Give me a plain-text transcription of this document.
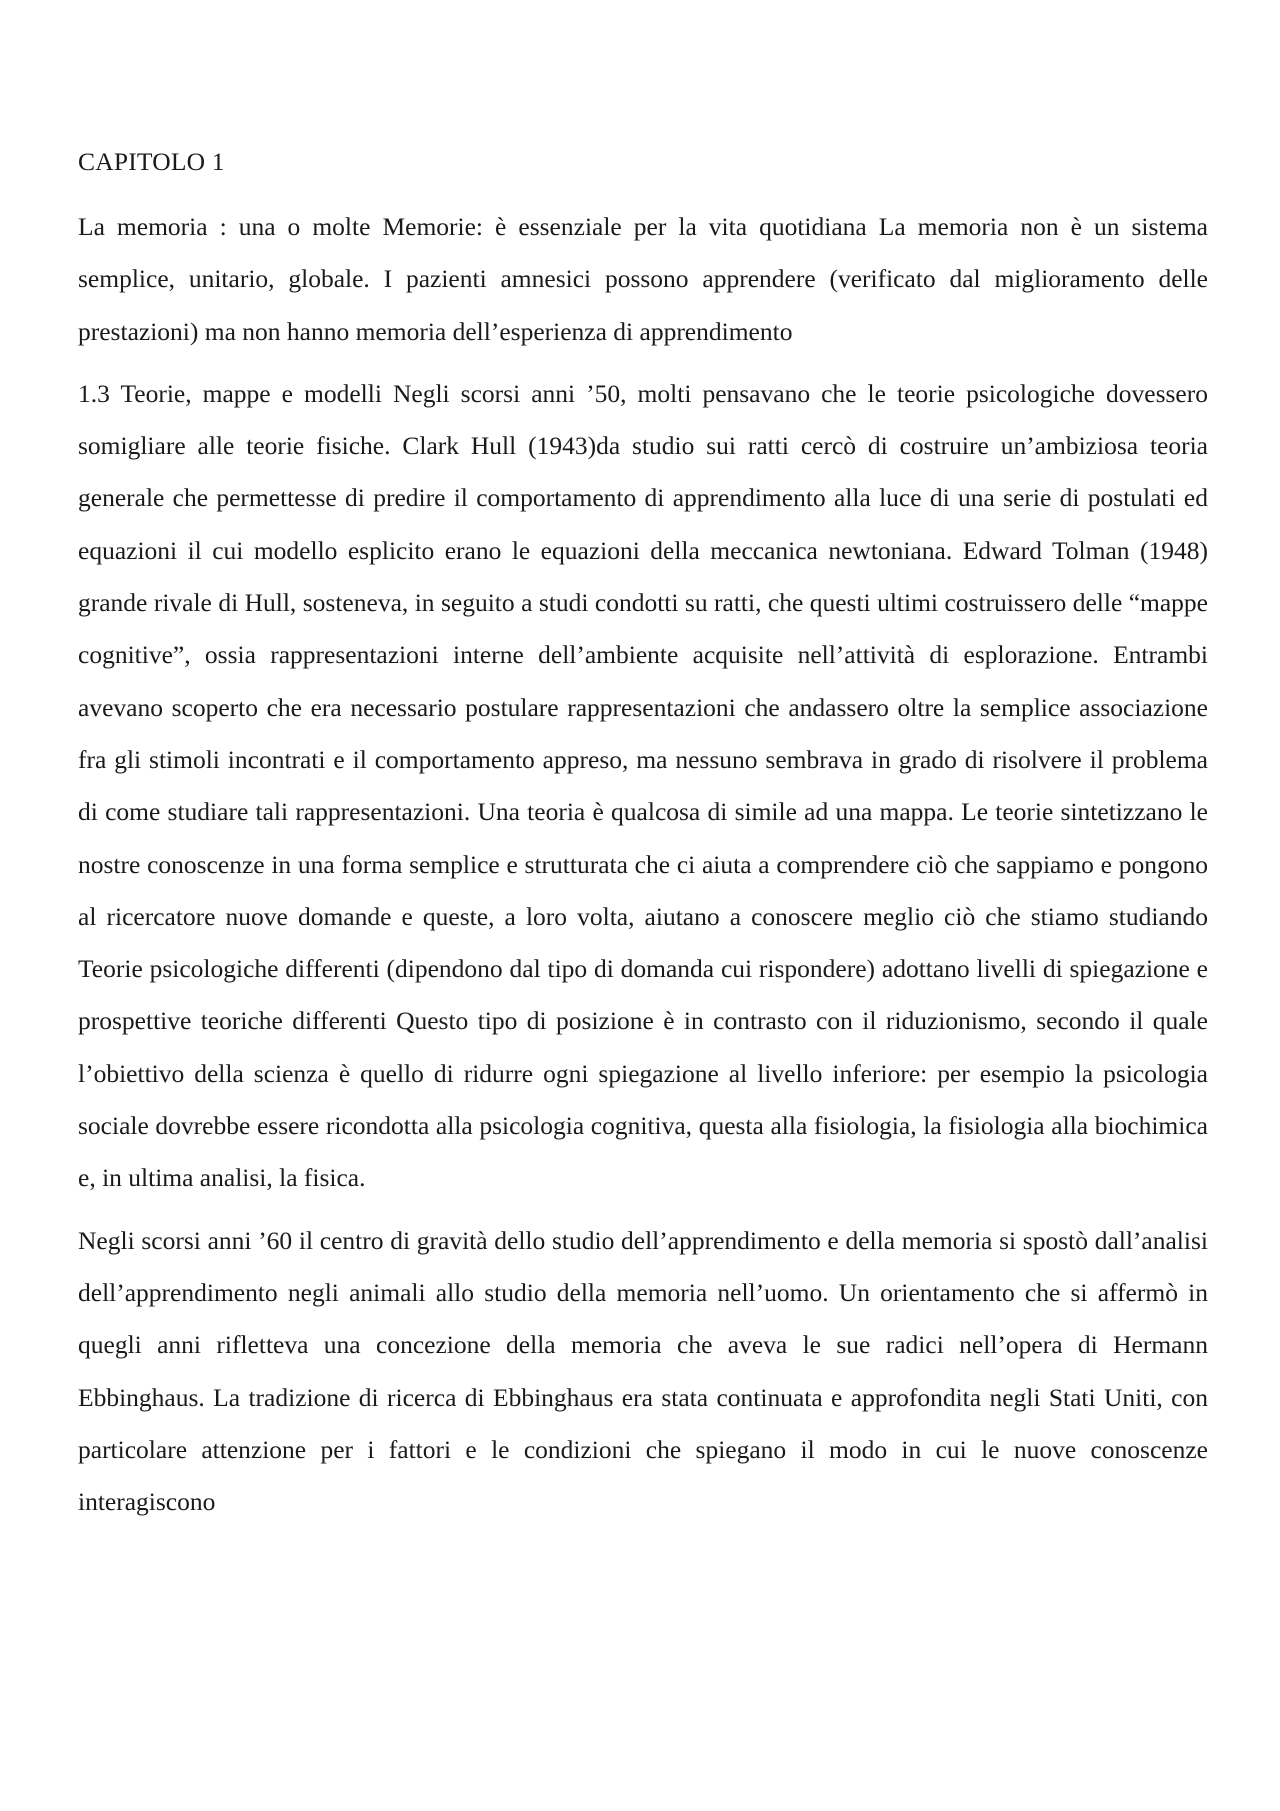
CAPITOLO 1

La memoria : una o molte Memorie: è essenziale per la vita quotidiana La memoria non è un sistema semplice, unitario, globale. I pazienti amnesici possono apprendere (verificato dal miglioramento delle prestazioni) ma non hanno memoria dell’esperienza di apprendimento

1.3 Teorie, mappe e modelli Negli scorsi anni ’50, molti pensavano che le teorie psicologiche dovessero somigliare alle teorie fisiche. Clark Hull (1943)da studio sui ratti cercò di costruire un’ambiziosa teoria generale che permettesse di predire il comportamento di apprendimento alla luce di una serie di postulati ed equazioni il cui modello esplicito erano le equazioni della meccanica newtoniana. Edward Tolman (1948) grande rivale di Hull, sosteneva, in seguito a studi condotti su ratti, che questi ultimi costruissero delle “mappe cognitive”, ossia rappresentazioni interne dell’ambiente acquisite nell’attività di esplorazione. Entrambi avevano scoperto che era necessario postulare rappresentazioni che andassero oltre la semplice associazione fra gli stimoli incontrati e il comportamento appreso, ma nessuno sembrava in grado di risolvere il problema di come studiare tali rappresentazioni. Una teoria è qualcosa di simile ad una mappa. Le teorie sintetizzano le nostre conoscenze in una forma semplice e strutturata che ci aiuta a comprendere ciò che sappiamo e pongono al ricercatore nuove domande e queste, a loro volta, aiutano a conoscere meglio ciò che stiamo studiando Teorie psicologiche differenti (dipendono dal tipo di domanda cui rispondere) adottano livelli di spiegazione e prospettive teoriche differenti Questo tipo di posizione è in contrasto con il riduzionismo, secondo il quale l’obiettivo della scienza è quello di ridurre ogni spiegazione al livello inferiore: per esempio la psicologia sociale dovrebbe essere ricondotta alla psicologia cognitiva, questa alla fisiologia, la fisiologia alla biochimica e, in ultima analisi, la fisica.

Negli scorsi anni ’60 il centro di gravità dello studio dell’apprendimento e della memoria si spostò dall’analisi dell’apprendimento negli animali allo studio della memoria nell’uomo. Un orientamento che si affermò in quegli anni rifletteva una concezione della memoria che aveva le sue radici nell’opera di Hermann Ebbinghaus. La tradizione di ricerca di Ebbinghaus era stata continuata e approfondita negli Stati Uniti, con particolare attenzione per i fattori e le condizioni che spiegano il modo in cui le nuove conoscenze interagiscono
